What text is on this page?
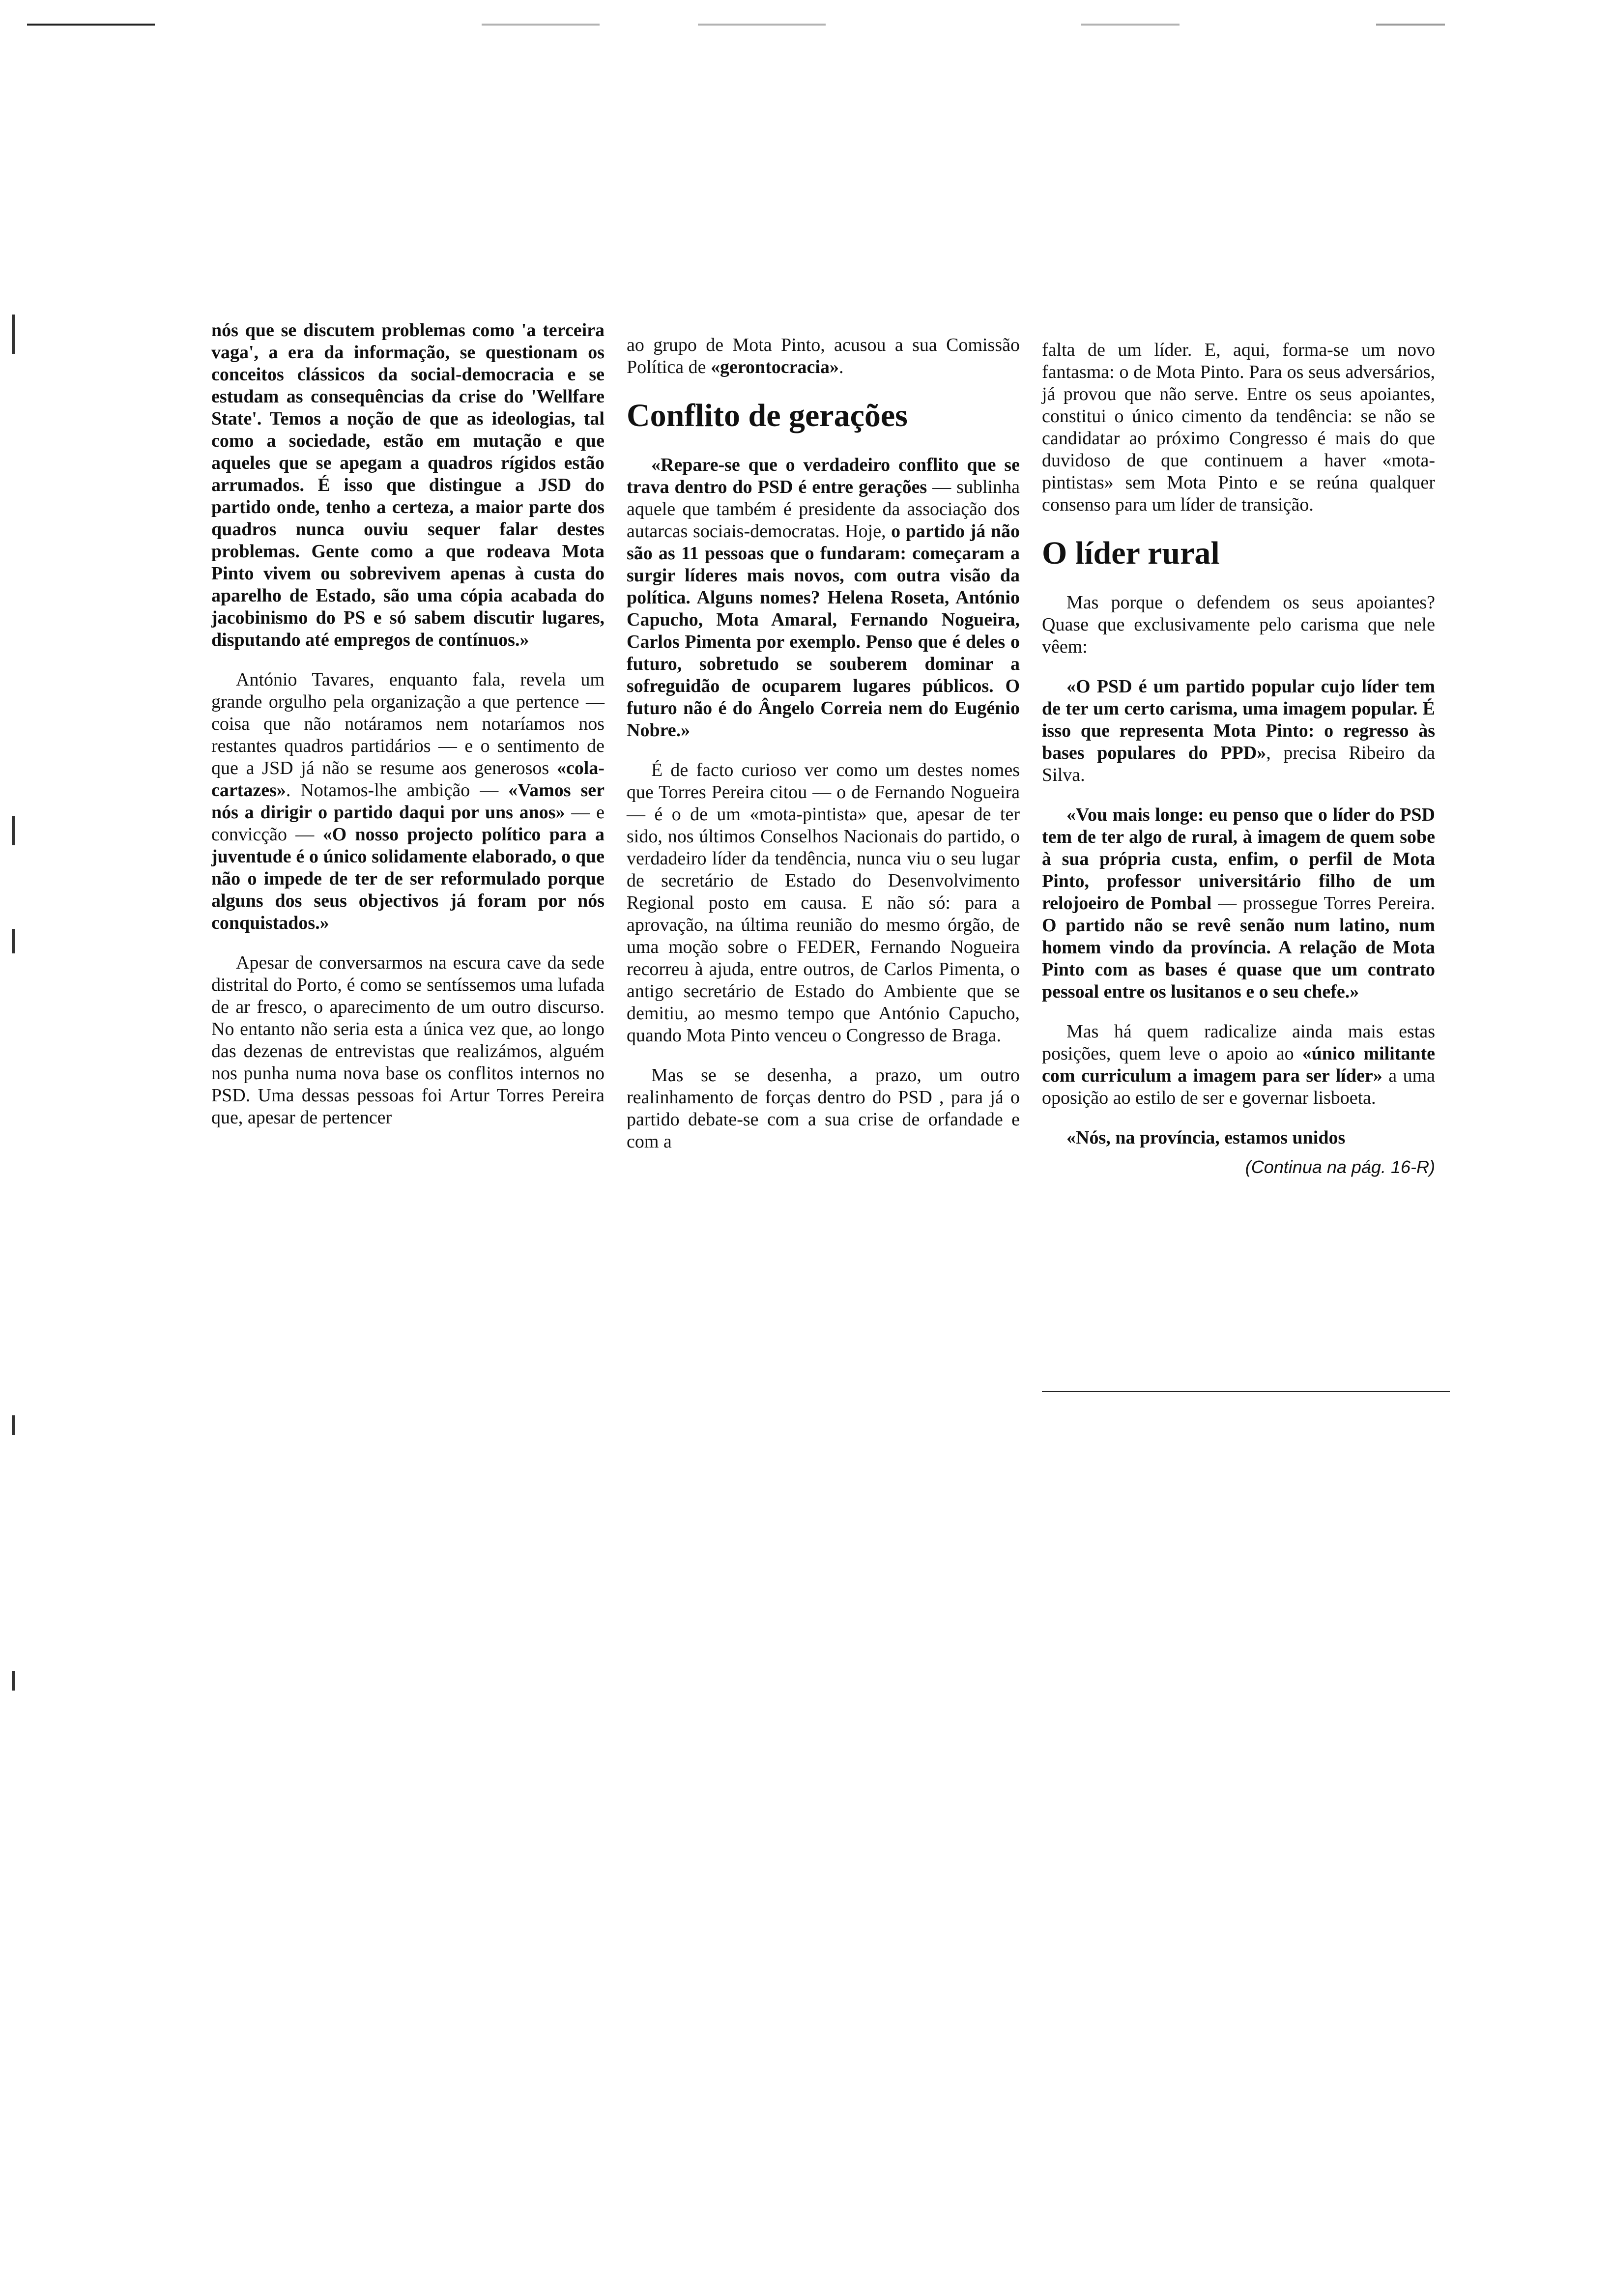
nós que se discutem problemas como 'a terceira vaga', a era da informação, se questionam os conceitos clássicos da social-democracia e se estudam as consequências da crise do 'Wellfare State'. Temos a noção de que as ideologias, tal como a sociedade, estão em mutação e que aqueles que se apegam a quadros rígidos estão arrumados. É isso que distingue a JSD do partido onde, tenho a certeza, a maior parte dos quadros nunca ouviu sequer falar destes problemas. Gente como a que rodeava Mota Pinto vivem ou sobrevivem apenas à custa do aparelho de Estado, são uma cópia acabada do jacobinismo do PS e só sabem discutir lugares, disputando até empregos de contínuos.»

António Tavares, enquanto fala, revela um grande orgulho pela organização a que pertence — coisa que não notáramos nem notaríamos nos restantes quadros partidários — e o sentimento de que a JSD já não se resume aos generosos «cola-cartazes». Notamos-lhe ambição — «Vamos ser nós a dirigir o partido daqui por uns anos» — e convicção — «O nosso projecto político para a juventude é o único solidamente elaborado, o que não o impede de ter de ser reformulado porque alguns dos seus objectivos já foram por nós conquistados.»

Apesar de conversarmos na escura cave da sede distrital do Porto, é como se sentíssemos uma lufada de ar fresco, o aparecimento de um outro discurso. No entanto não seria esta a única vez que, ao longo das dezenas de entrevistas que realizámos, alguém nos punha numa nova base os conflitos internos no PSD. Uma dessas pessoas foi Artur Torres Pereira que, apesar de pertencer

ao grupo de Mota Pinto, acusou a sua Comissão Política de «gerontocracia».

Conflito de gerações

«Repare-se que o verdadeiro conflito que se trava dentro do PSD é entre gerações — sublinha aquele que também é presidente da associação dos autarcas sociais-democratas. Hoje, o partido já não são as 11 pessoas que o fundaram: começaram a surgir líderes mais novos, com outra visão da política. Alguns nomes? Helena Roseta, António Capucho, Mota Amaral, Fernando Nogueira, Carlos Pimenta por exemplo. Penso que é deles o futuro, sobretudo se souberem dominar a sofreguidão de ocuparem lugares públicos. O futuro não é do Ângelo Correia nem do Eugénio Nobre.»

É de facto curioso ver como um destes nomes que Torres Pereira citou — o de Fernando Nogueira — é o de um «mota-pintista» que, apesar de ter sido, nos últimos Conselhos Nacionais do partido, o verdadeiro líder da tendência, nunca viu o seu lugar de secretário de Estado do Desenvolvimento Regional posto em causa. E não só: para a aprovação, na última reunião do mesmo órgão, de uma moção sobre o FEDER, Fernando Nogueira recorreu à ajuda, entre outros, de Carlos Pimenta, o antigo secretário de Estado do Ambiente que se demitiu, ao mesmo tempo que António Capucho, quando Mota Pinto venceu o Congresso de Braga.

Mas se se desenha, a prazo, um outro realinhamento de forças dentro do PSD , para já o partido debate-se com a sua crise de orfandade e com a

falta de um líder. E, aqui, forma-se um novo fantasma: o de Mota Pinto. Para os seus adversários, já provou que não serve. Entre os seus apoiantes, constitui o único cimento da tendência: se não se candidatar ao próximo Congresso é mais do que duvidoso de que continuem a haver «mota-pintistas» sem Mota Pinto e se reúna qualquer consenso para um líder de transição.

O líder rural

Mas porque o defendem os seus apoiantes? Quase que exclusivamente pelo carisma que nele vêem:

«O PSD é um partido popular cujo líder tem de ter um certo carisma, uma imagem popular. É isso que representa Mota Pinto: o regresso às bases populares do PPD», precisa Ribeiro da Silva.

«Vou mais longe: eu penso que o líder do PSD tem de ter algo de rural, à imagem de quem sobe à sua própria custa, enfim, o perfil de Mota Pinto, professor universitário filho de um relojoeiro de Pombal — prossegue Torres Pereira. O partido não se revê senão num latino, num homem vindo da província. A relação de Mota Pinto com as bases é quase que um contrato pessoal entre os lusitanos e o seu chefe.»

Mas há quem radicalize ainda mais estas posições, quem leve o apoio ao «único militante com curriculum a imagem para ser líder» a uma oposição ao estilo de ser e governar lisboeta.

«Nós, na província, estamos unidos

(Continua na pág. 16-R)
